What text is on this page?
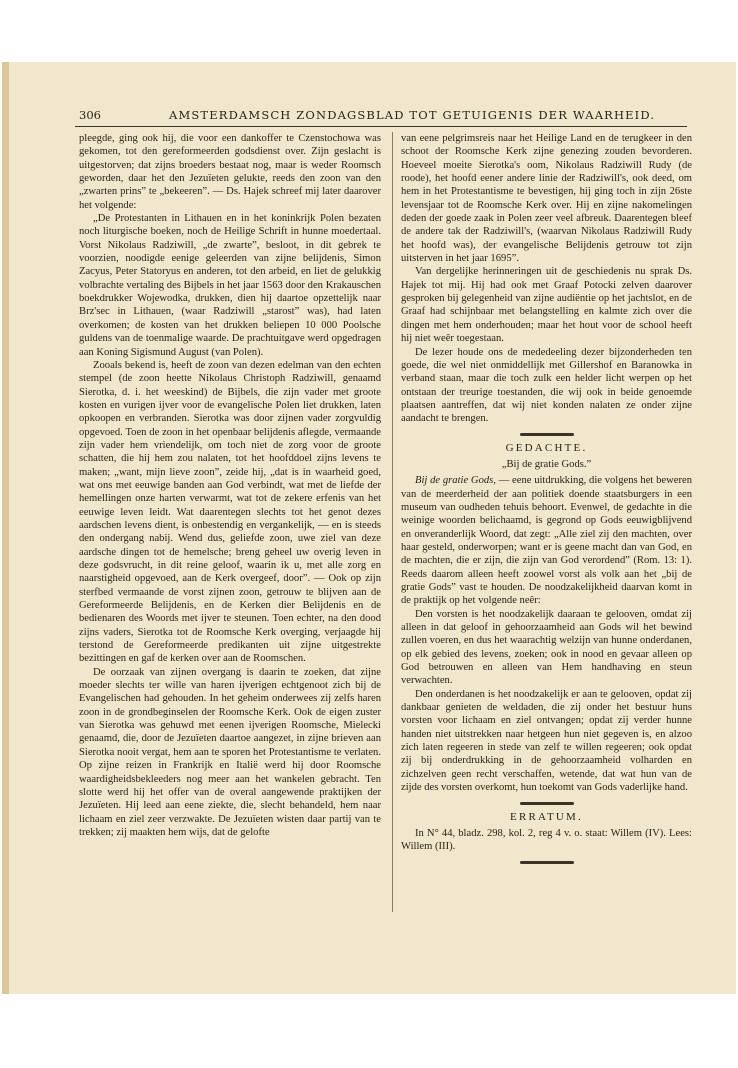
306	AMSTERDAMSCH ZONDAGSBLAD TOT GETUIGENIS DER WAARHEID.

pleegde, ging ook hij, die voor een dankoffer te Czenstochowa was gekomen, tot den gereformeerden godsdienst over. Zijn geslacht is uitgestorven; dat zijns broeders bestaat nog, maar is weder Roomsch geworden, daar het den Jezuïeten gelukte, reeds den zoon van den „zwarten prins” te „bekeeren”. — Ds. Hajek schreef mij later daarover het volgende:

„De Protestanten in Lithauen en in het koninkrijk Polen bezaten noch liturgische boeken, noch de Heilige Schrift in hunne moedertaal. Vorst Nikolaus Radziwill, „de zwarte”, besloot, in dit gebrek te voorzien, noodigde eenige geleerden van zijne belijdenis, Simon Zacyus, Peter Statoryus en anderen, tot den arbeid, en liet de gelukkig volbrachte vertaling des Bijbels in het jaar 1563 door den Krakauschen boekdrukker Wojewodka, drukken, dien hij daartoe opzettelijk naar Brz'sec in Lithauen, (waar Radziwill „starost” was), had laten overkomen; de kosten van het drukken beliepen 10 000 Poolsche guldens van de toenmalige waarde. De prachtuitgave werd opgedragen aan Koning Sigismund August (van Polen).

Zooals bekend is, heeft de zoon van dezen edelman van den echten stempel (de zoon heette Nikolaus Christoph Radziwill, genaamd Sierotka, d. i. het weeskind) de Bijbels, die zijn vader met groote kosten en vurigen ijver voor de evangelische Polen liet drukken, laten opkoopen en verbranden. Sierotka was door zijnen vader zorgvuldig opgevoed. Toen de zoon in het openbaar belijdenis aflegde, vermaande zijn vader hem vriendelijk, om toch niet de zorg voor de groote schatten, die hij hem zou nalaten, tot het hoofddoel zijns levens te maken; „want, mijn lieve zoon”, zeide hij, „dat is in waarheid goed, wat ons met eeuwige banden aan God verbindt, wat met de liefde der hemellingen onze harten verwarmt, wat tot de zekere erfenis van het eeuwige leven leidt. Wat daarentegen slechts tot het genot dezes aardschen levens dient, is onbestendig en vergankelijk, — en is steeds den ondergang nabij. Wend dus, geliefde zoon, uwe ziel van deze aardsche dingen tot de hemelsche; breng geheel uw overig leven in deze godsvrucht, in dit reine geloof, waarin ik u, met alle zorg en naarstigheid opgevoed, aan de Kerk overgeef, door”. — Ook op zijn sterfbed vermaande de vorst zijnen zoon, getrouw te blijven aan de Gereformeerde Belijdenis, en de Kerken dier Belijdenis en de bedienaren des Woords met ijver te steunen. Toen echter, na den dood zijns vaders, Sierotka tot de Roomsche Kerk overging, verjaagde hij terstond de Gereformeerde predikanten uit zijne uitgestrekte bezittingen en gaf de kerken over aan de Roomschen.

De oorzaak van zijnen overgang is daarin te zoeken, dat zijne moeder slechts ter wille van haren ijverigen echtgenoot zich bij de Evangelischen had gehouden. In het geheim onderwees zij zelfs haren zoon in de grondbeginselen der Roomsche Kerk. Ook de eigen zuster van Sierotka was gehuwd met eenen ijverigen Roomsche, Mielecki genaamd, die, door de Jezuïeten daartoe aangezet, in zijne brieven aan Sierotka nooit vergat, hem aan te sporen het Protestantisme te verlaten. Op zijne reizen in Frankrijk en Italië werd hij door Roomsche waardigheidsbekleeders nog meer aan het wankelen gebracht. Ten slotte werd hij het offer van de overal aangewende praktijken der Jezuïeten. Hij leed aan eene ziekte, die, slecht behandeld, hem naar lichaam en ziel zeer verzwakte. De Jezuïeten wisten daar partij van te trekken; zij maakten hem wijs, dat de gelofte

van eene pelgrimsreis naar het Heilige Land en de terugkeer in den schoot der Roomsche Kerk zijne genezing zouden bevorderen. Hoeveel moeite Sierotka's oom, Nikolaus Radziwill Rudy (de roode), het hoofd eener andere linie der Radziwill's, ook deed, om hem in het Protestantisme te bevestigen, hij ging toch in zijn 26ste levensjaar tot de Roomsche Kerk over. Hij en zijne nakomelingen deden der goede zaak in Polen zeer veel afbreuk. Daarentegen bleef de andere tak der Radziwill's, (waarvan Nikolaus Radziwill Rudy het hoofd was), der evangelische Belijdenis getrouw tot zijn uitsterven in het jaar 1695”.

Van dergelijke herinneringen uit de geschiedenis nu sprak Ds. Hajek tot mij. Hij had ook met Graaf Potocki zelven daarover gesproken bij gelegenheid van zijne audiëntie op het jachtslot, en de Graaf had schijnbaar met belangstelling en kalmte zich over die dingen met hem onderhouden; maar het hout voor de school heeft hij niet weêr toegestaan.

De lezer houde ons de mededeeling dezer bijzonderheden ten goede, die wel niet onmiddellijk met Gillershof en Baranowka in verband staan, maar die toch zulk een helder licht werpen op het ontstaan der treurige toestanden, die wij ook in beide genoemde plaatsen aantreffen, dat wij niet konden nalaten ze onder zijne aandacht te brengen.

GEDACHTE.
„Bij de gratie Gods.”

Bij de gratie Gods, — eene uitdrukking, die volgens het beweren van de meerderheid der aan politiek doende staatsburgers in een museum van oudheden tehuis behoort. Evenwel, de gedachte in die weinige woorden belichaamd, is gegrond op Gods eeuwigblijvend en onveranderlijk Woord, dat zegt: „Alle ziel zij den machten, over haar gesteld, onderworpen; want er is geene macht dan van God, en de machten, die er zijn, die zijn van God verordend” (Rom. 13: 1). Reeds daarom alleen heeft zoowel vorst als volk aan het „bij de gratie Gods” vast te houden. De noodzakelijkheid daarvan komt in de praktijk op het volgende neêr:

Den vorsten is het noodzakelijk daaraan te gelooven, omdat zij alleen in dat geloof in gehoorzaamheid aan Gods wil het bewind zullen voeren, en dus het waarachtig welzijn van hunne onderdanen, op elk gebied des levens, zoeken; ook in nood en gevaar alleen op God betrouwen en alleen van Hem handhaving en steun verwachten.

Den onderdanen is het noodzakelijk er aan te gelooven, opdat zij dankbaar genieten de weldaden, die zij onder het bestuur huns vorsten voor lichaam en ziel ontvangen; opdat zij verder hunne handen niet uitstrekken naar hetgeen hun niet gegeven is, en alzoo zich laten regeeren in stede van zelf te willen regeeren; ook opdat zij bij onderdrukking in de gehoorzaamheid volharden en zichzelven geen recht verschaffen, wetende, dat wat hun van de zijde des vorsten overkomt, hun toekomt van Gods vaderlijke hand.

ERRATUM.

In N° 44, bladz. 298, kol. 2, reg 4 v. o. staat: Willem (IV). Lees: Willem (III).
